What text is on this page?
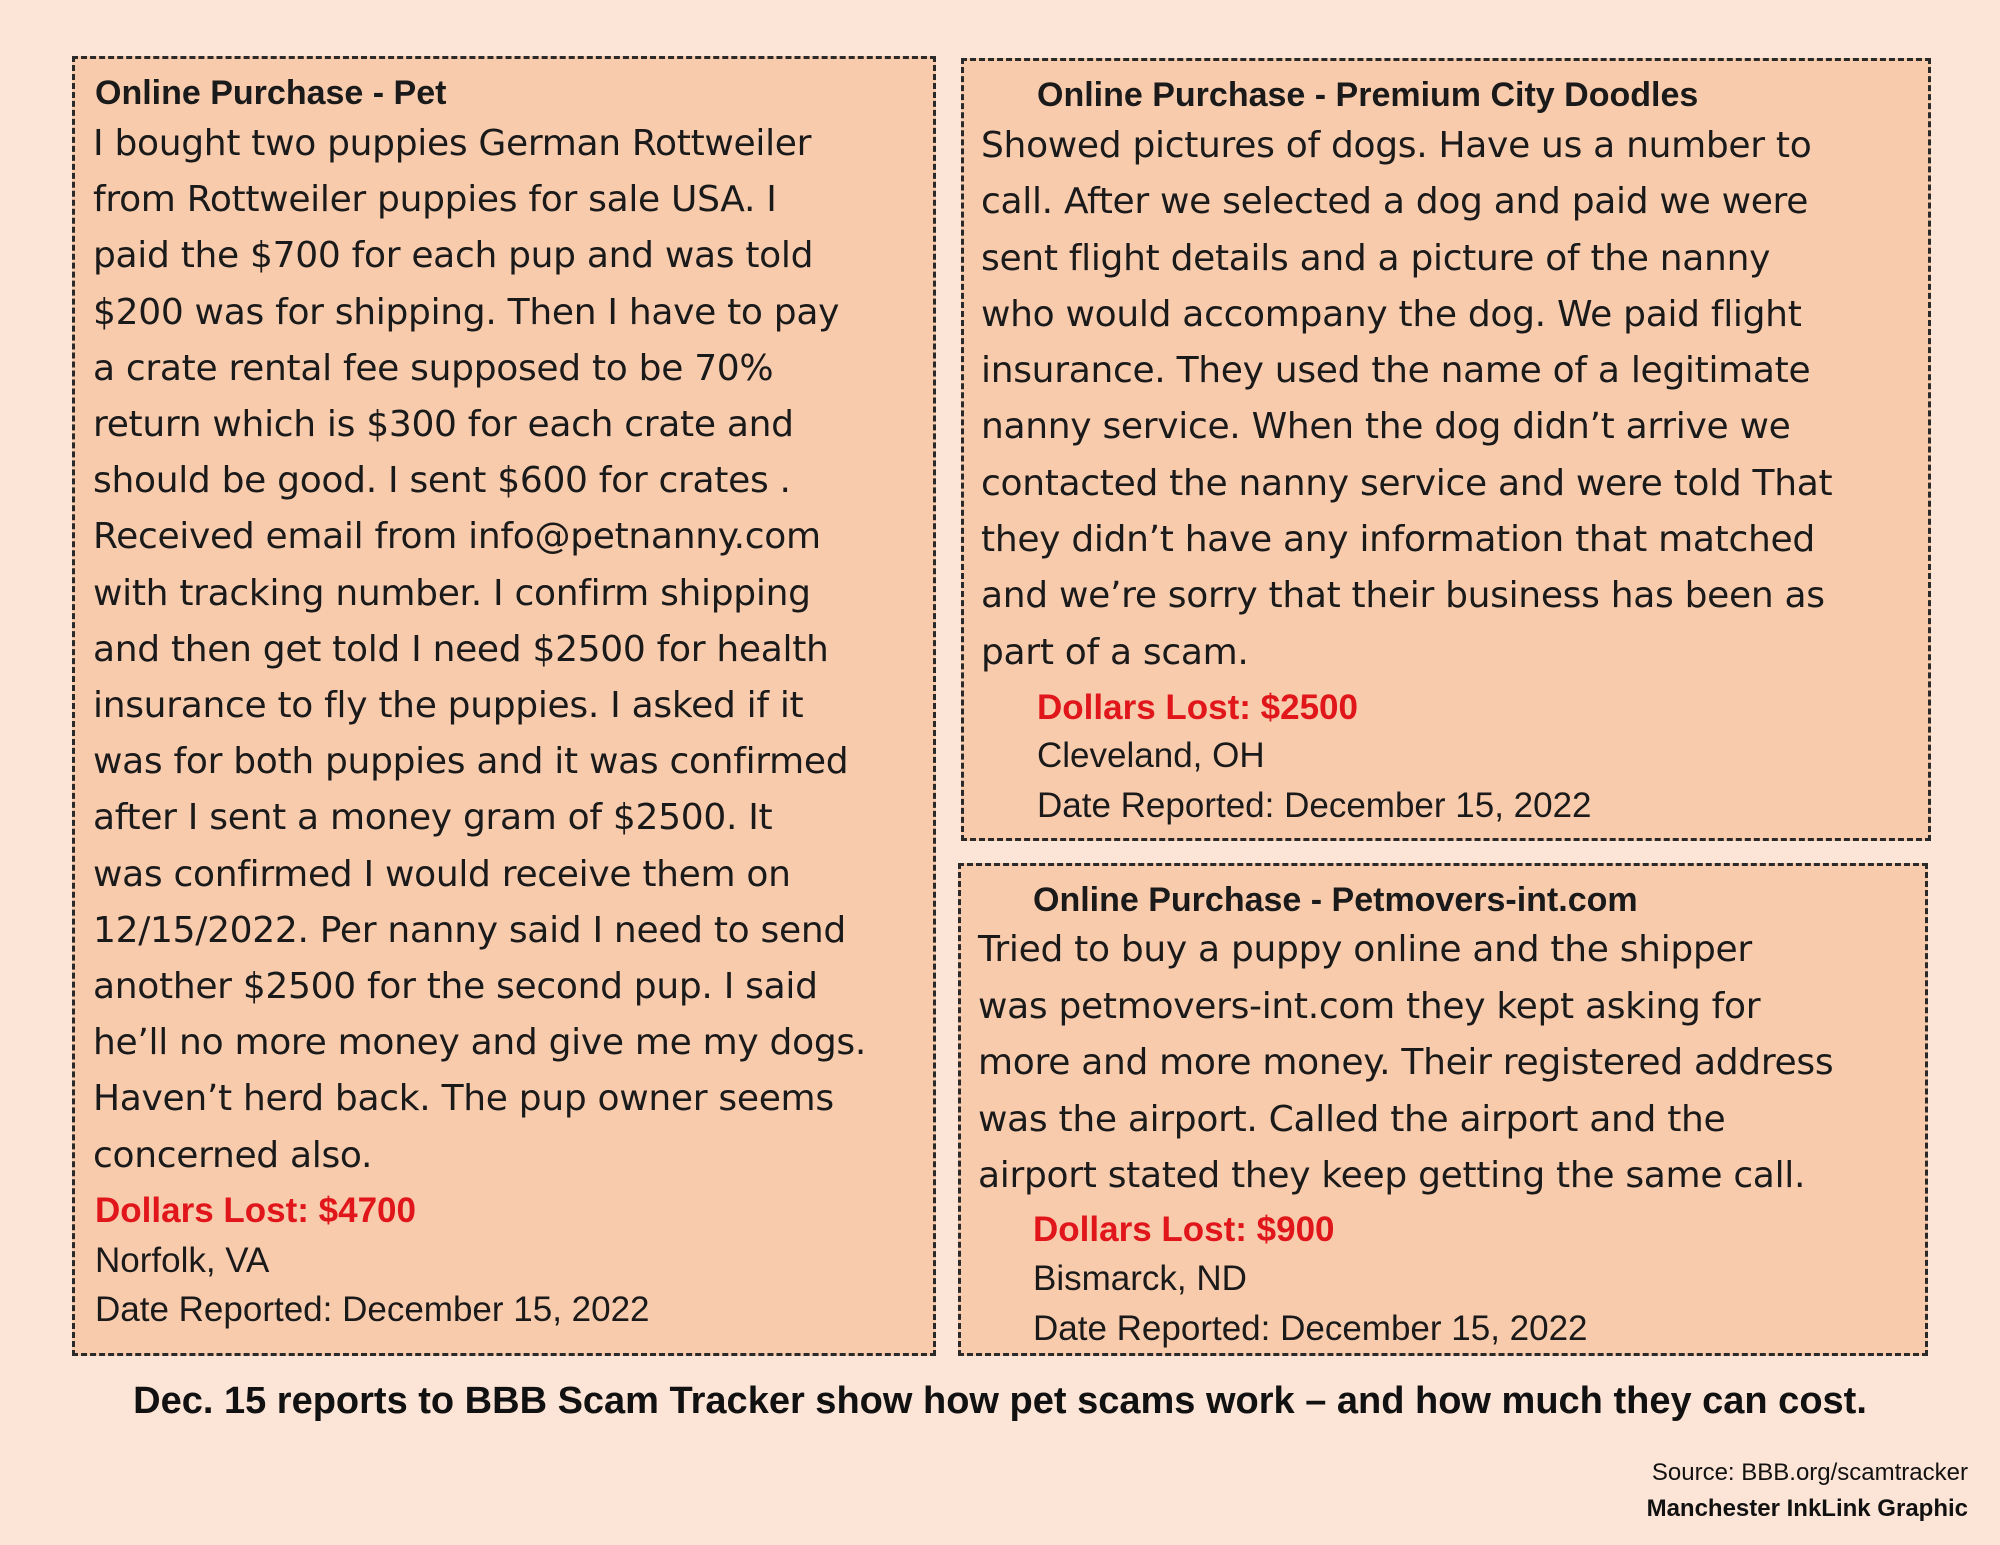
Online Purchase - Pet
I bought two puppies German Rottweiler
from Rottweiler puppies for sale USA. I
paid the $700 for each pup and was told
$200 was for shipping. Then I have to pay
a crate rental fee supposed to be 70%
return which is $300 for each crate and
should be good. I sent $600 for crates .
Received email from info@petnanny.com
with tracking number. I confirm shipping
and then get told I need $2500 for health
insurance to fly the puppies. I asked if it
was for both puppies and it was confirmed
after I sent a money gram of $2500. It
was confirmed I would receive them on
12/15/2022. Per nanny said I need to send
another $2500 for the second pup. I said
he’ll no more money and give me my dogs.
Haven’t herd back. The pup owner seems
concerned also.
Dollars Lost: $4700
Norfolk, VA
Date Reported: December 15, 2022
Online Purchase - Premium City Doodles
Showed pictures of dogs. Have us a number to
call. After we selected a dog and paid we were
sent flight details and a picture of the nanny
who would accompany the dog. We paid flight
insurance. They used the name of a legitimate
nanny service. When the dog didn’t arrive we
contacted the nanny service and were told That
they didn’t have any information that matched
and we’re sorry that their business has been as
part of a scam.
Dollars Lost: $2500
Cleveland, OH
Date Reported: December 15, 2022
Online Purchase - Petmovers-int.com
Tried to buy a puppy online and the shipper
was petmovers-int.com they kept asking for
more and more money. Their registered address
was the airport. Called the airport and the
airport stated they keep getting the same call.
Dollars Lost: $900
Bismarck, ND
Date Reported: December 15, 2022
Dec. 15 reports to BBB Scam Tracker show how pet scams work – and how much they can cost.
Source: BBB.org/scamtracker
Manchester InkLink Graphic
